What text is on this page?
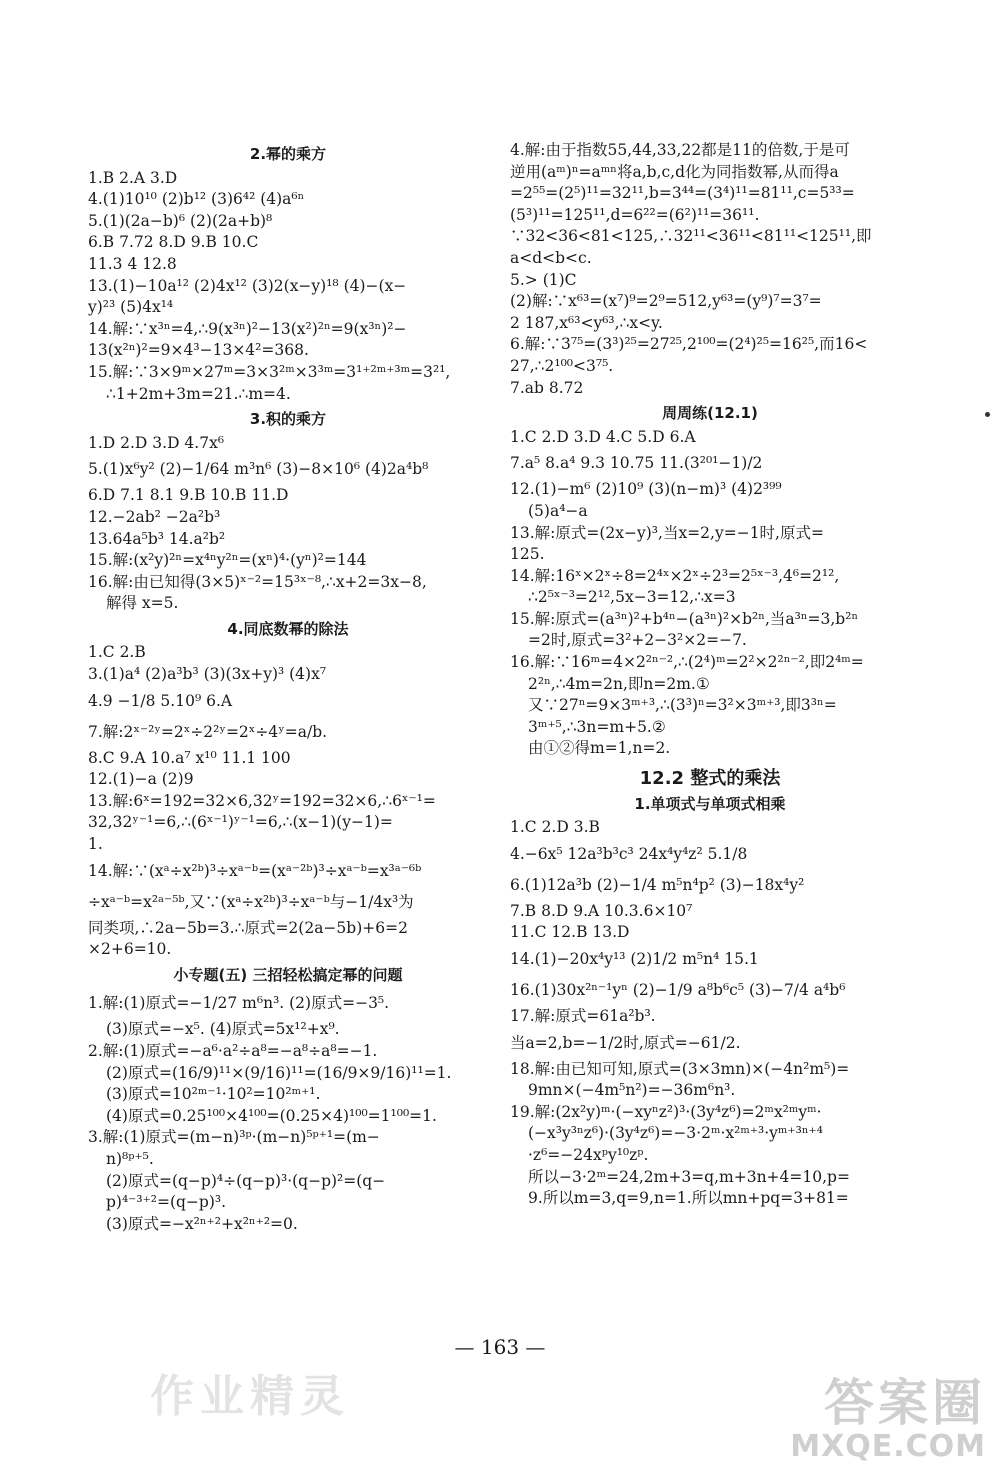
2.幂的乘方
1.B 2.A 3.D
4.(1)10¹⁰ (2)b¹² (3)6⁴² (4)a⁶ⁿ
5.(1)(2a−b)⁶ (2)(2a+b)⁸
6.B 7.72 8.D 9.B 10.C
11.3 4 12.8
13.(1)−10a¹² (2)4x¹² (3)2(x−y)¹⁸ (4)−(x−
y)²³ (5)4x¹⁴
14.解:∵x³ⁿ=4,∴9(x³ⁿ)²−13(x²)²ⁿ=9(x³ⁿ)²−
13(x²ⁿ)²=9×4³−13×4²=368.
15.解:∵3×9ᵐ×27ᵐ=3×3²ᵐ×3³ᵐ=3¹⁺²ᵐ⁺³ᵐ=3²¹,
∴1+2m+3m=21.∴m=4.
3.积的乘方
1.D 2.D 3.D 4.7x⁶
5.(1)x⁶y² (2)−1/64 m³n⁶ (3)−8×10⁶ (4)2a⁴b⁸
6.D 7.1 8.1 9.B 10.B 11.D
12.−2ab² −2a²b³
13.64a⁵b³ 14.a²b²
15.解:(x²y)²ⁿ=x⁴ⁿy²ⁿ=(xⁿ)⁴·(yⁿ)²=144
16.解:由已知得(3×5)ˣ⁻²=15³ˣ⁻⁸,∴x+2=3x−8,
解得 x=5.
4.同底数幂的除法
1.C 2.B
3.(1)a⁴ (2)a³b³ (3)(3x+y)³ (4)x⁷
4.9 −1/8 5.10⁹ 6.A
7.解:2ˣ⁻²ʸ=2ˣ÷2²ʸ=2ˣ÷4ʸ=a/b.
8.C 9.A 10.a⁷ x¹⁰ 11.1 100
12.(1)−a (2)9
13.解:6ˣ=192=32×6,32ʸ=192=32×6,∴6ˣ⁻¹=
32,32ʸ⁻¹=6,∴(6ˣ⁻¹)ʸ⁻¹=6,∴(x−1)(y−1)=
1.
14.解:∵(xᵃ÷x²ᵇ)³÷xᵃ⁻ᵇ=(xᵃ⁻²ᵇ)³÷xᵃ⁻ᵇ=x³ᵃ⁻⁶ᵇ
÷xᵃ⁻ᵇ=x²ᵃ⁻⁵ᵇ,又∵(xᵃ÷x²ᵇ)³÷xᵃ⁻ᵇ与−1/4x³为
同类项,∴2a−5b=3.∴原式=2(2a−5b)+6=2
×2+6=10.
小专题(五) 三招轻松搞定幂的问题
1.解:(1)原式=−1/27 m⁶n³. (2)原式=−3⁵.
(3)原式=−x⁵. (4)原式=5x¹²+x⁹.
2.解:(1)原式=−a⁶·a²÷a⁸=−a⁸÷a⁸=−1.
(2)原式=(16/9)¹¹×(9/16)¹¹=(16/9×9/16)¹¹=1.
(3)原式=10²ᵐ⁻¹·10²=10²ᵐ⁺¹.
(4)原式=0.25¹⁰⁰×4¹⁰⁰=(0.25×4)¹⁰⁰=1¹⁰⁰=1.
3.解:(1)原式=(m−n)³ᵖ·(m−n)⁵ᵖ⁺¹=(m−
n)⁸ᵖ⁺⁵.
(2)原式=(q−p)⁴÷(q−p)³·(q−p)²=(q−
p)⁴⁻³⁺²=(q−p)³.
(3)原式=−x²ⁿ⁺²+x²ⁿ⁺²=0.
4.解:由于指数55,44,33,22都是11的倍数,于是可
逆用(aᵐ)ⁿ=aᵐⁿ将a,b,c,d化为同指数幂,从而得a
=2⁵⁵=(2⁵)¹¹=32¹¹,b=3⁴⁴=(3⁴)¹¹=81¹¹,c=5³³=
(5³)¹¹=125¹¹,d=6²²=(6²)¹¹=36¹¹.
∵32<36<81<125,∴32¹¹<36¹¹<81¹¹<125¹¹,即
a<d<b<c.
5.> (1)C
(2)解:∵x⁶³=(x⁷)⁹=2⁹=512,y⁶³=(y⁹)⁷=3⁷=
2 187,x⁶³<y⁶³,∴x<y.
6.解:∵3⁷⁵=(3³)²⁵=27²⁵,2¹⁰⁰=(2⁴)²⁵=16²⁵,而16<
27,∴2¹⁰⁰<3⁷⁵.
7.ab 8.72
周周练(12.1)
1.C 2.D 3.D 4.C 5.D 6.A
7.a⁵ 8.a⁴ 9.3 10.75 11.(3²⁰¹−1)/2
12.(1)−m⁶ (2)10⁹ (3)(n−m)³ (4)2³⁹⁹
(5)a⁴−a
13.解:原式=(2x−y)³,当x=2,y=−1时,原式=
125.
14.解:16ˣ×2ˣ÷8=2⁴ˣ×2ˣ÷2³=2⁵ˣ⁻³,4⁶=2¹²,
∴2⁵ˣ⁻³=2¹²,5x−3=12,∴x=3
15.解:原式=(a³ⁿ)²+b⁴ⁿ−(a³ⁿ)²×b²ⁿ,当a³ⁿ=3,b²ⁿ
=2时,原式=3²+2−3²×2=−7.
16.解:∵16ᵐ=4×2²ⁿ⁻²,∴(2⁴)ᵐ=2²×2²ⁿ⁻²,即2⁴ᵐ=
2²ⁿ,∴4m=2n,即n=2m.①
又∵27ⁿ=9×3ᵐ⁺³,∴(3³)ⁿ=3²×3ᵐ⁺³,即3³ⁿ=
3ᵐ⁺⁵,∴3n=m+5.②
由①②得m=1,n=2.
12.2 整式的乘法
1.单项式与单项式相乘
1.C 2.D 3.B
4.−6x⁵ 12a³b³c³ 24x⁴y⁴z² 5.1/8
6.(1)12a³b (2)−1/4 m⁵n⁴p² (3)−18x⁴y²
7.B 8.D 9.A 10.3.6×10⁷
11.C 12.B 13.D
14.(1)−20x⁴y¹³ (2)1/2 m⁵n⁴ 15.1
16.(1)30x²ⁿ⁻¹yⁿ (2)−1/9 a⁸b⁶c⁵ (3)−7/4 a⁴b⁶
17.解:原式=61a²b³.
当a=2,b=−1/2时,原式=−61/2.
18.解:由已知可知,原式=(3×3mn)×(−4n²m⁵)=
9mn×(−4m⁵n²)=−36m⁶n³.
19.解:(2x²y)ᵐ·(−xyⁿz²)³·(3y⁴z⁶)=2ᵐx²ᵐyᵐ·
(−x³y³ⁿz⁶)·(3y⁴z⁶)=−3·2ᵐ·x²ᵐ⁺³·yᵐ⁺³ⁿ⁺⁴
·z⁶=−24xᵖy¹⁰zᵖ.
所以−3·2ᵐ=24,2m+3=q,m+3n+4=10,p=
9.所以m=3,q=9,n=1.所以mn+pq=3+81=
— 163 —
作业精灵	答案圈
MXQE.COM
